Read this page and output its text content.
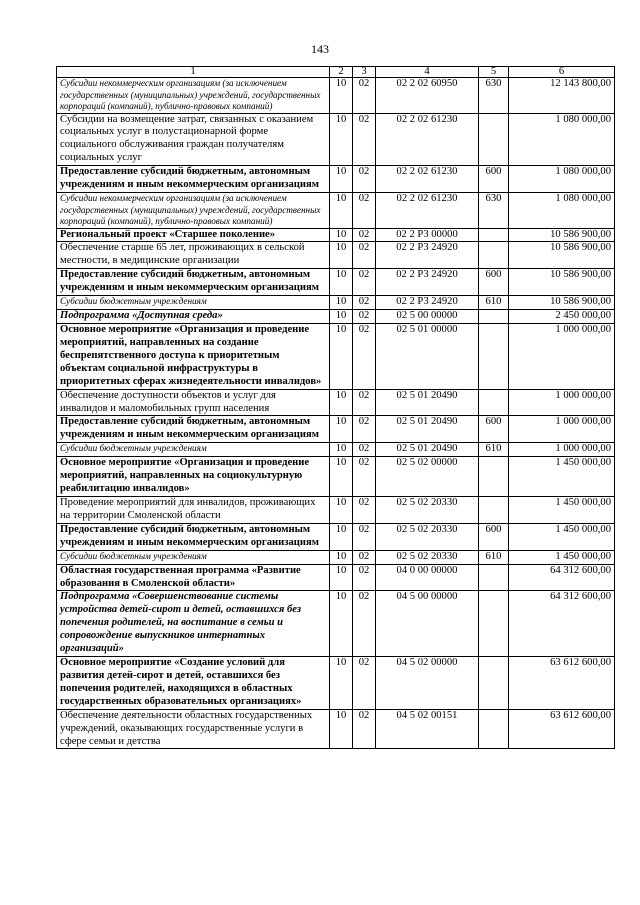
143
1	2	3	4	5	6
Субсидии некоммерческим организациям (за исключением государственных (муниципальных) учреждений, государственных корпораций (компаний), публично-правовых компаний)	10	02	02 2 02 60950	630	12 143 800,00
Субсидии на возмещение затрат, связанных с оказанием социальных услуг в полустационарной форме социального обслуживания граждан получателям социальных услуг	10	02	02 2 02 61230		1 080 000,00
Предоставление субсидий бюджетным, автономным учреждениям и иным некоммерческим организациям	10	02	02 2 02 61230	600	1 080 000,00
Субсидии некоммерческим организациям (за исключением государственных (муниципальных) учреждений, государственных корпораций (компаний), публично-правовых компаний)	10	02	02 2 02 61230	630	1 080 000,00
Региональный проект «Старшее поколение»	10	02	02 2 P3 00000		10 586 900,00
Обеспечение старше 65 лет, проживающих в сельской местности, в медицинские организации	10	02	02 2 P3 24920		10 586 900,00
Предоставление субсидий бюджетным, автономным учреждениям и иным некоммерческим организациям	10	02	02 2 P3 24920	600	10 586 900,00
Субсидии бюджетным учреждениям	10	02	02 2 P3 24920	610	10 586 900,00
Подпрограмма «Доступная среда»	10	02	02 5 00 00000		2 450 000,00
Основное мероприятие «Организация и проведение мероприятий, направленных на создание беспрепятственного доступа к приоритетным объектам социальной инфраструктуры в приоритетных сферах жизнедеятельности инвалидов»	10	02	02 5 01 00000		1 000 000,00
Обеспечение доступности объектов и услуг для инвалидов и маломобильных групп населения	10	02	02 5 01 20490		1 000 000,00
Предоставление субсидий бюджетным, автономным учреждениям и иным некоммерческим организациям	10	02	02 5 01 20490	600	1 000 000,00
Субсидии бюджетным учреждениям	10	02	02 5 01 20490	610	1 000 000,00
Основное мероприятие «Организация и проведение мероприятий, направленных на социокультурную реабилитацию инвалидов»	10	02	02 5 02 00000		1 450 000,00
Проведение мероприятий для инвалидов, проживающих на территории Смоленской области	10	02	02 5 02 20330		1 450 000,00
Предоставление субсидий бюджетным, автономным учреждениям и иным некоммерческим организациям	10	02	02 5 02 20330	600	1 450 000,00
Субсидии бюджетным учреждениям	10	02	02 5 02 20330	610	1 450 000,00
Областная государственная программа «Развитие образования в Смоленской области»	10	02	04 0 00 00000		64 312 600,00
Подпрограмма «Совершенствование системы устройства детей-сирот и детей, оставшихся без попечения родителей, на воспитание в семьи и сопровождение выпускников интернатных организаций»	10	02	04 5 00 00000		64 312 600,00
Основное мероприятие «Создание условий для развития детей-сирот и детей, оставшихся без попечения родителей, находящихся в областных государственных образовательных организациях»	10	02	04 5 02 00000		63 612 600,00
Обеспечение деятельности областных государственных учреждений, оказывающих государственные услуги в сфере семьи и детства	10	02	04 5 02 00151		63 612 600,00
